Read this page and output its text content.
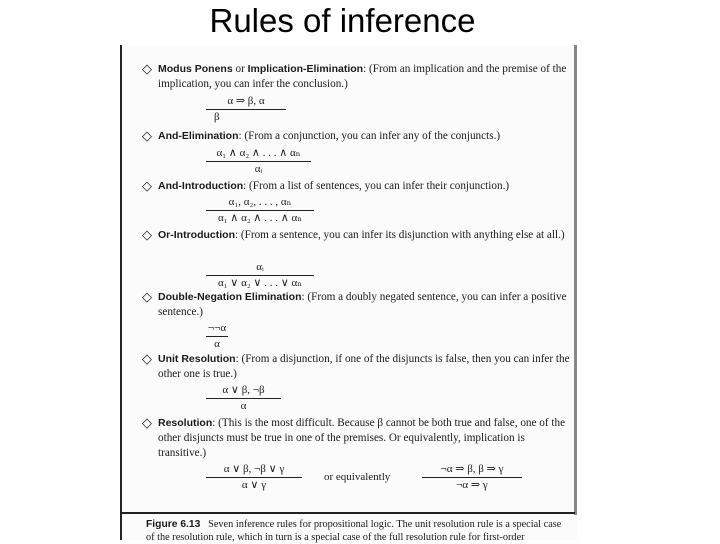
Rules of inference
◇ Modus Ponens or Implication-Elimination: (From an implication and the premise of the implication, you can infer the conclusion.)
α ⇒ β, α
β
◇ And-Elimination: (From a conjunction, you can infer any of the conjuncts.)
α₁ ∧ α₂ ∧ . . . ∧ αₙ
αᵢ
◇ And-Introduction: (From a list of sentences, you can infer their conjunction.)
α₁, α₂, . . . , αₙ
α₁ ∧ α₂ ∧ . . . ∧ αₙ
◇ Or-Introduction: (From a sentence, you can infer its disjunction with anything else at all.)
αᵢ
α₁ ∨ α₂ ∨ . . . ∨ αₙ
◇ Double-Negation Elimination: (From a doubly negated sentence, you can infer a positive sentence.)
¬¬α
α
◇ Unit Resolution: (From a disjunction, if one of the disjuncts is false, then you can infer the other one is true.)
α ∨ β, ¬β
α
◇ Resolution: (This is the most difficult. Because β cannot be both true and false, one of the other disjuncts must be true in one of the premises. Or equivalently, implication is transitive.)
α ∨ β, ¬β ∨ γ
α ∨ γ
or equivalently
¬α ⇒ β, β ⇒ γ
¬α ⇒ γ
Figure 6.13 Seven inference rules for propositional logic. The unit resolution rule is a special case of the resolution rule, which in turn is a special case of the full resolution rule for first-order
